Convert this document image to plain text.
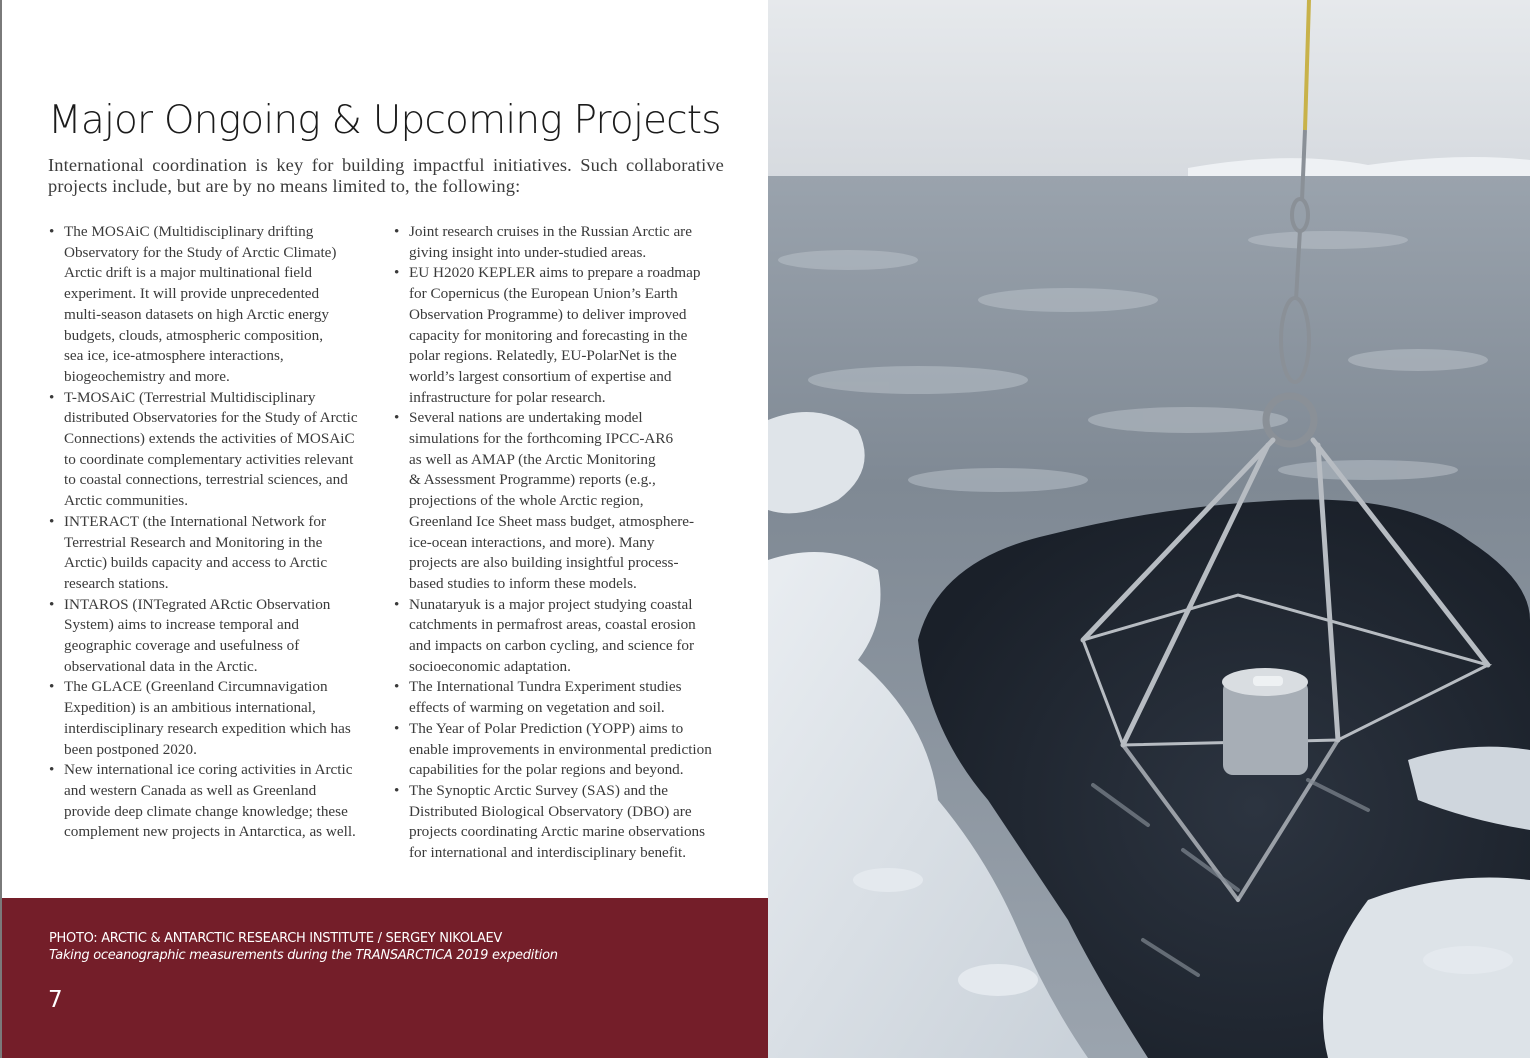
Major Ongoing & Upcoming Projects

International coordination is key for building impactful initiatives. Such collaborative projects include, but are by no means limited to, the following:

• The MOSAiC (Multidisciplinary drifting
Observatory for the Study of Arctic Climate)
Arctic drift is a major multinational field
experiment. It will provide unprecedented
multi-season datasets on high Arctic energy
budgets, clouds, atmospheric composition,
sea ice, ice-atmosphere interactions,
biogeochemistry and more.
• T-MOSAiC (Terrestrial Multidisciplinary
distributed Observatories for the Study of Arctic
Connections) extends the activities of MOSAiC
to coordinate complementary activities relevant
to coastal connections, terrestrial sciences, and
Arctic communities.
• INTERACT (the International Network for
Terrestrial Research and Monitoring in the
Arctic) builds capacity and access to Arctic
research stations.
• INTAROS (INTegrated ARctic Observation
System) aims to increase temporal and
geographic coverage and usefulness of
observational data in the Arctic.
• The GLACE (Greenland Circumnavigation
Expedition) is an ambitious international,
interdisciplinary research expedition which has
been postponed 2020.
• New international ice coring activities in Arctic
and western Canada as well as Greenland
provide deep climate change knowledge; these
complement new projects in Antarctica, as well.
• Joint research cruises in the Russian Arctic are
giving insight into under-studied areas.
• EU H2020 KEPLER aims to prepare a roadmap
for Copernicus (the European Union’s Earth
Observation Programme) to deliver improved
capacity for monitoring and forecasting in the
polar regions. Relatedly, EU-PolarNet is the
world’s largest consortium of expertise and
infrastructure for polar research.
• Several nations are undertaking model
simulations for the forthcoming IPCC-AR6
as well as AMAP (the Arctic Monitoring
& Assessment Programme) reports (e.g.,
projections of the whole Arctic region,
Greenland Ice Sheet mass budget, atmosphere-
ice-ocean interactions, and more). Many
projects are also building insightful process-
based studies to inform these models.
• Nunataryuk is a major project studying coastal
catchments in permafrost areas, coastal erosion
and impacts on carbon cycling, and science for
socioeconomic adaptation.
• The International Tundra Experiment studies
effects of warming on vegetation and soil.
• The Year of Polar Prediction (YOPP) aims to
enable improvements in environmental prediction
capabilities for the polar regions and beyond.
• The Synoptic Arctic Survey (SAS) and the
Distributed Biological Observatory (DBO) are
projects coordinating Arctic marine observations
for international and interdisciplinary benefit.

PHOTO: ARCTIC & ANTARCTIC RESEARCH INSTITUTE / SERGEY NIKOLAEV

Taking oceanographic measurements during the TRANSARCTICA 2019 expedition

7
